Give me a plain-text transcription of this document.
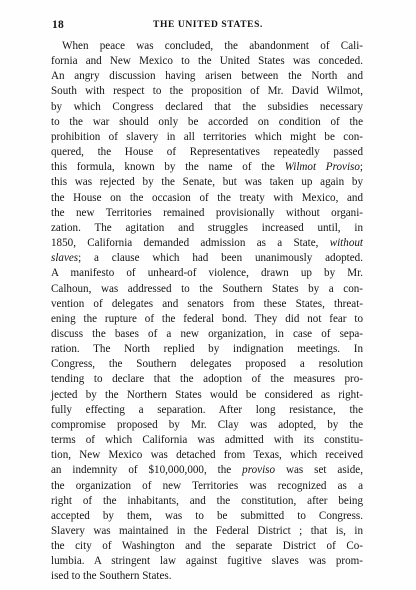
18	THE UNITED STATES.
When peace was concluded, the abandonment of Cali-
fornia and New Mexico to the United States was conceded.
An angry discussion having arisen between the North and
South with respect to the proposition of Mr. David Wilmot,
by which Congress declared that the subsidies necessary
to the war should only be accorded on condition of the
prohibition of slavery in all territories which might be con-
quered, the House of Representatives repeatedly passed
this formula, known by the name of the Wilmot Proviso;
this was rejected by the Senate, but was taken up again by
the House on the occasion of the treaty with Mexico, and
the new Territories remained provisionally without organi-
zation. The agitation and struggles increased until, in
1850, California demanded admission as a State, without
slaves; a clause which had been unanimously adopted.
A manifesto of unheard-of violence, drawn up by Mr.
Calhoun, was addressed to the Southern States by a con-
vention of delegates and senators from these States, threat-
ening the rupture of the federal bond. They did not fear to
discuss the bases of a new organization, in case of sepa-
ration. The North replied by indignation meetings. In
Congress, the Southern delegates proposed a resolution
tending to declare that the adoption of the measures pro-
jected by the Northern States would be considered as right-
fully effecting a separation. After long resistance, the
compromise proposed by Mr. Clay was adopted, by the
terms of which California was admitted with its constitu-
tion, New Mexico was detached from Texas, which received
an indemnity of $10,000,000, the proviso was set aside,
the organization of new Territories was recognized as a
right of the inhabitants, and the constitution, after being
accepted by them, was to be submitted to Congress.
Slavery was maintained in the Federal District ; that is, in
the city of Washington and the separate District of Co-
lumbia. A stringent law against fugitive slaves was prom-
ised to the Southern States.
